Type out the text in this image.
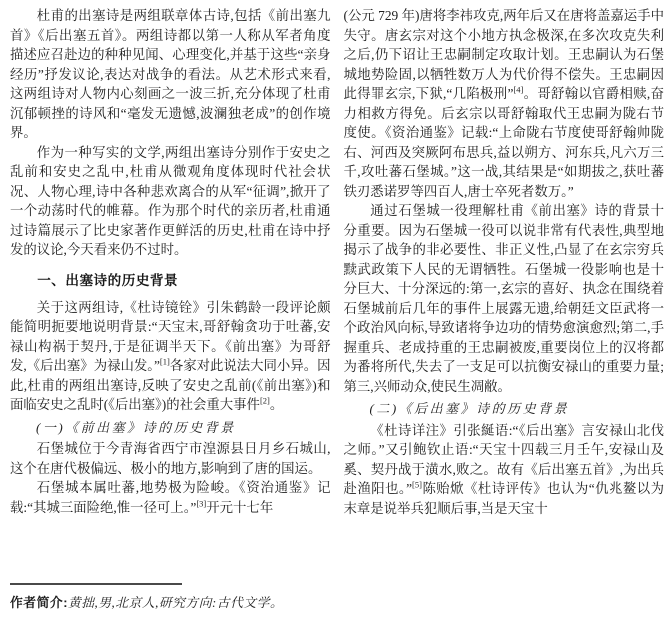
杜甫的出塞诗是两组联章体古诗,包括《前出塞九首》《后出塞五首》。两组诗都以第一人称从军者角度描述应召赴边的种种见闻、心理变化,并基于这些“亲身经历”抒发议论,表达对战争的看法。从艺术形式来看,这两组诗对人物内心刻画之一波三折,充分体现了杜甫沉郁顿挫的诗风和“毫发无遗憾,波澜独老成”的创作境界。

作为一种写实的文学,两组出塞诗分别作于安史之乱前和安史之乱中,杜甫从微观角度体现时代社会状况、人物心理,诗中各种悲欢离合的从军“征调”,掀开了一个动荡时代的帷幕。作为那个时代的亲历者,杜甫通过诗篇展示了比史家著作更鲜活的历史,杜甫在诗中抒发的议论,今天看来仍不过时。

一、出塞诗的历史背景

关于这两组诗,《杜诗镜铨》引朱鹤龄一段评论颇能简明扼要地说明背景:“天宝末,哥舒翰贪功于吐蕃,安禄山构祸于契丹,于是征调半天下。《前出塞》为哥舒发,《后出塞》为禄山发。”[1]各家对此说法大同小异。因此,杜甫的两组出塞诗,反映了安史之乱前(《前出塞》)和面临安史之乱时(《后出塞》)的社会重大事件[2]。

(一)《前出塞》诗的历史背景

石堡城位于今青海省西宁市湟源县日月乡石城山,这个在唐代极偏远、极小的地方,影响到了唐的国运。

石堡城本属吐蕃,地势极为险峻。《资治通鉴》记载:“其城三面险绝,惟一径可上。”[3]开元十七年

作者简介:黄拙,男,北京人,研究方向:古代文学。

(公元 729 年)唐将李祎攻克,两年后又在唐将盖嘉运手中失守。唐玄宗对这个小地方执念极深,在多次攻克失利之后,仍下诏让王忠嗣制定攻取计划。王忠嗣认为石堡城地势险固,以牺牲数万人为代价得不偿失。王忠嗣因此得罪玄宗,下狱,“几陷极刑”[4]。哥舒翰以官爵相赎,奋力相救方得免。后玄宗以哥舒翰取代王忠嗣为陇右节度使。《资治通鉴》记载:“上命陇右节度使哥舒翰帅陇右、河西及突厥阿布思兵,益以朔方、河东兵,凡六万三千,攻吐蕃石堡城。”这一战,其结果是“如期拔之,获吐蕃铁刃悉诺罗等四百人,唐士卒死者数万。”

通过石堡城一役理解杜甫《前出塞》诗的背景十分重要。因为石堡城一役可以说非常有代表性,典型地揭示了战争的非必要性、非正义性,凸显了在玄宗穷兵黩武政策下人民的无谓牺牲。石堡城一役影响也是十分巨大、十分深远的:第一,玄宗的喜好、执念在围绕着石堡城前后几年的事件上展露无遗,给朝廷文臣武将一个政治风向标,导致诸将争边功的情势愈演愈烈;第二,手握重兵、老成持重的王忠嗣被废,重要岗位上的汉将都为番将所代,失去了一支足可以抗衡安禄山的重要力量;第三,兴师动众,使民生凋敝。

(二)《后出塞》诗的历史背景

《杜诗详注》引张綖语:“《后出塞》言安禄山北伐之师。”又引鲍钦止语:“天宝十四载三月壬午,安禄山及奚、契丹战于潢水,败之。故有《后出塞五首》,为出兵赴渔阳也。”[5]陈贻焮《杜诗评传》也认为“仇兆鳌以为末章是说举兵犯顺后事,当是天宝十
